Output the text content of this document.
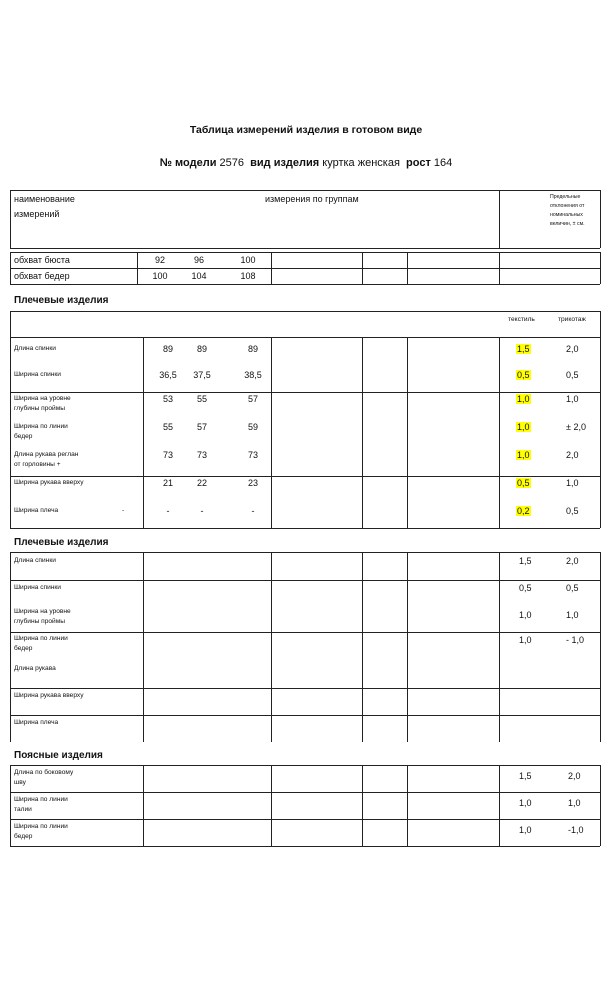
Таблица измерений изделия в готовом виде
№ модели 2576 вид изделия куртка женская рост 164
наименование
измерений
измерения по группам	Предельные
отклонения от
номинальных
величин, ± см.
обхват бюста	92	96	100
обхват бедер	100	104	108
Плечевые изделия
текстиль	трикотаж
Длина спинки	89	89	89	1,5	2,0
Ширина спинки	36,5	37,5	38,5	0,5	0,5
Ширина на уровне
глубины проймы
53	55	57	1,0	1,0
Ширина по линии
бедер
55	57	59	1,0	± 2,0
Длина рукава реглан
от горловины +
73	73	73	1,0	2,0
Ширина рукава вверху	21	22	23	0,5	1,0
Ширина плеча	-	-	-	-	0,2	0,5
Плечевые изделия
Длина спинки	1,5	2,0
Ширина спинки	0,5	0,5
Ширина на уровне
глубины проймы
1,0	1,0
Ширина по линии
бедер
1,0	- 1,0
Длина рукава
Ширина рукава вверху
Ширина плеча
Поясные изделия
Длина по боковому
шву
1,5	2,0
Ширина по линии
талии
1,0	1,0
Ширина по линии
бедер
1,0	-1,0
